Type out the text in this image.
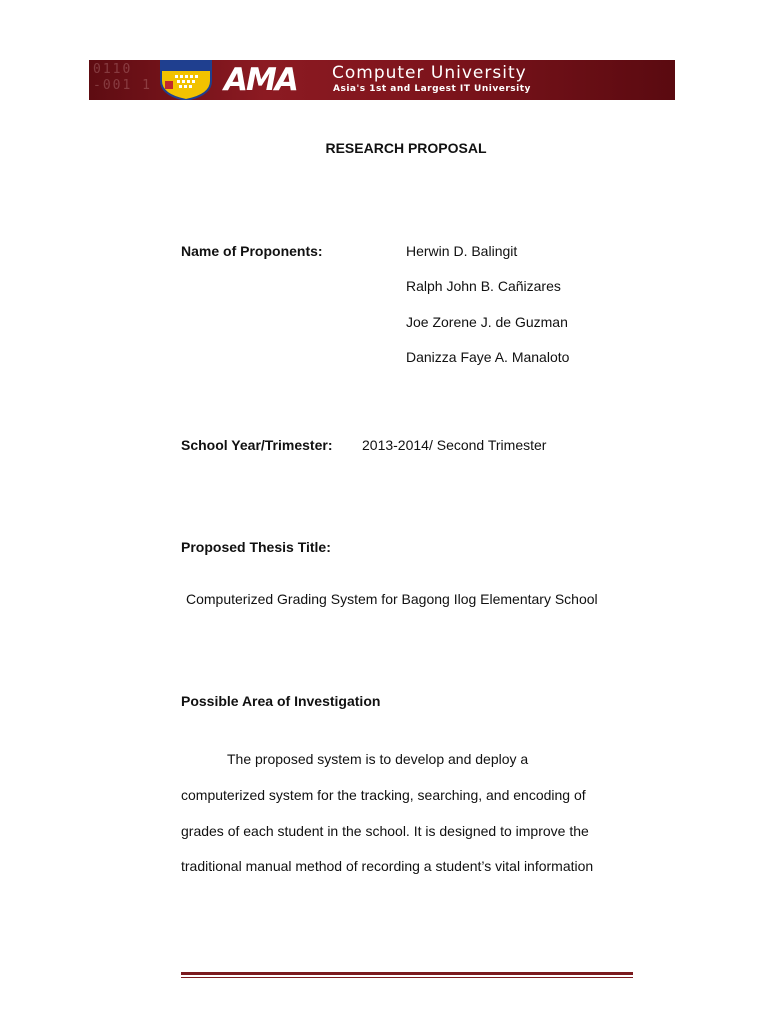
0110
-001 1 AMA Computer University
Asia's 1st and Largest IT University
RESEARCH PROPOSAL
Name of Proponents:	Herwin D. Balingit
Ralph John B. Cañizares
Joe Zorene J. de Guzman
Danizza Faye A. Manaloto
School Year/Trimester: 2013-2014/ Second Trimester
Proposed Thesis Title:
Computerized Grading System for Bagong Ilog Elementary School
Possible Area of Investigation
The proposed system is to develop and deploy a
computerized system for the tracking, searching, and encoding of
grades of each student in the school. It is designed to improve the
traditional manual method of recording a student’s vital information
